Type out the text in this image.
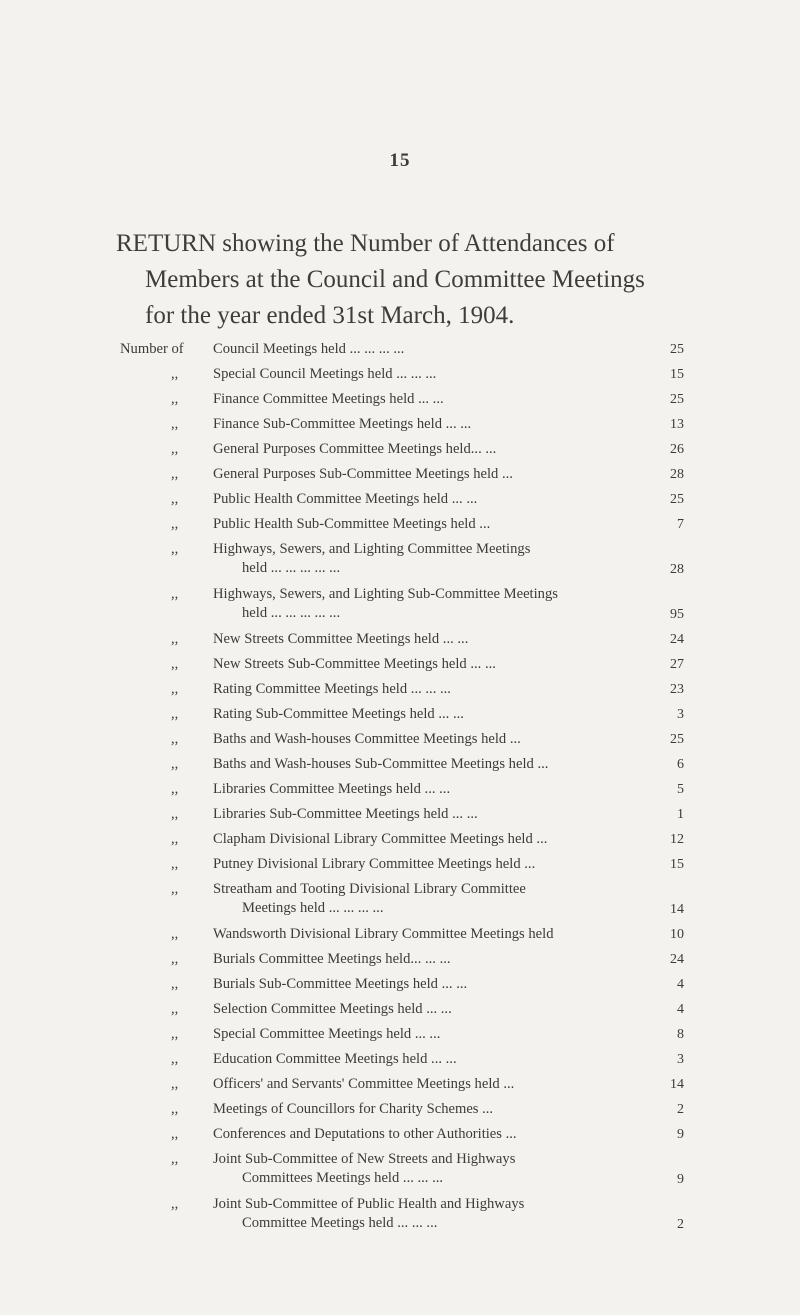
15
RETURN showing the Number of Attendances of
Members at the Council and Committee Meetings
for the year ended 31st March, 1904.
Number of Council Meetings held ... ... ... ...	25
,, Special Council Meetings held ... ... ...	15
,, Finance Committee Meetings held ... ...	25
,, Finance Sub-Committee Meetings held ... ...	13
,, General Purposes Committee Meetings held... ...	26
,, General Purposes Sub-Committee Meetings held ...	28
,, Public Health Committee Meetings held ... ...	25
,, Public Health Sub-Committee Meetings held ...	7
,, Highways, Sewers, and Lighting Committee Meetings
held ... ... ... ... ...	28
,, Highways, Sewers, and Lighting Sub-Committee Meetings
held ... ... ... ... ...	95
,, New Streets Committee Meetings held ... ...	24
,, New Streets Sub-Committee Meetings held ... ...	27
,, Rating Committee Meetings held ... ... ...	23
,, Rating Sub-Committee Meetings held ... ...	3
,, Baths and Wash-houses Committee Meetings held ...	25
,, Baths and Wash-houses Sub-Committee Meetings held ...	6
,, Libraries Committee Meetings held ... ...	5
,, Libraries Sub-Committee Meetings held ... ...	1
,, Clapham Divisional Library Committee Meetings held ...	12
,, Putney Divisional Library Committee Meetings held ...	15
,, Streatham and Tooting Divisional Library Committee
Meetings held ... ... ... ...	14
,, Wandsworth Divisional Library Committee Meetings held	10
,, Burials Committee Meetings held... ... ...	24
,, Burials Sub-Committee Meetings held ... ...	4
,, Selection Committee Meetings held ... ...	4
,, Special Committee Meetings held ... ...	8
,, Education Committee Meetings held ... ...	3
,, Officers' and Servants' Committee Meetings held ...	14
,, Meetings of Councillors for Charity Schemes ...	2
,, Conferences and Deputations to other Authorities ...	9
,, Joint Sub-Committee of New Streets and Highways
Committees Meetings held ... ... ...	9
,, Joint Sub-Committee of Public Health and Highways
Committee Meetings held ... ... ...	2
